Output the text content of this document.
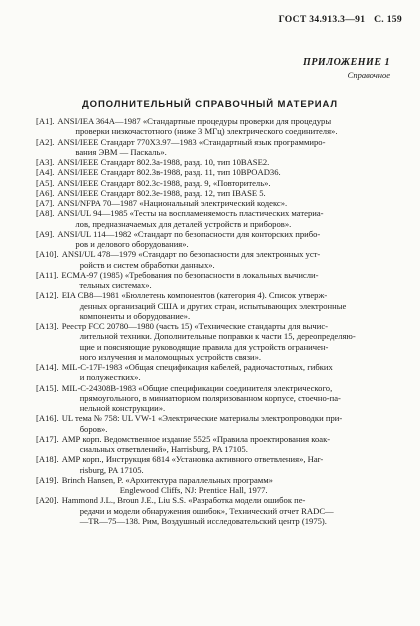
ГОСТ 34.913.3—91 С. 159
ПРИЛОЖЕНИЕ 1
Справочное
ДОПОЛНИТЕЛЬНЫЙ СПРАВОЧНЫЙ МАТЕРИАЛ
[A1]. ANSI/IEA 364А—1987 «Стандартные процедуры проверки для процедуры
проверки низкочастотного (ниже 3 МГц) электрического соединителя».
[A2]. ANSI/IEEE Стандарт 770X3.97—1983 «Стандартный язык программиро-
вания ЭВМ — Паскаль».
[A3]. ANSI/IEEE Стандарт 802.3а-1988, разд. 10, тип 10BASE2.
[A4]. ANSI/IEEE Стандарт 802.3в-1988, разд. 11, тип 10BPOAD36.
[A5]. ANSI/IEEE Стандарт 802.3с-1988, разд. 9, «Повторитель».
[A6]. ANSI/IEEE Стандарт 802.3е-1988, разд. 12, тип IBASE 5.
[A7]. ANSI/NFPA 70—1987 «Национальный электрический кодекс».
[A8]. ANSI/UL 94—1985 «Тесты на воспламеняемость пластических материа-
лов, предназначаемых для деталей устройств и приборов».
[A9]. ANSI/UL 114—1982 «Стандарт по безопасности для конторских прибо-
ров и делового оборудования».
[A10]. ANSI/UL 478—1979 «Стандарт по безопасности для электронных уст-
ройств и систем обработки данных».
[A11]. ЕСМА-97 (1985) «Требования по безопасности в локальных вычисли-
тельных системах».
[A12]. EIA СВ8—1981 «Бюллетень компонентов (категория 4). Список утверж-
денных организаций США и других стран, испытывающих электронные
компоненты и оборудование».
[A13]. Реестр FCC 20780—1980 (часть 15) «Технические стандарты для вычис-
лительной техники. Дополнительные поправки к части 15, дереопределяю-
щие и поясняющие руководящие правила для устройств ограничен-
ного излучения и маломощных устройств связи».
[A14]. MIL-C-17F-1983 «Общая спецификация кабелей, радиочастотных, гибких
и полужестких».
[A15]. MIL-C-24308B-1983 «Общие спецификации соединителя электрического,
прямоугольного, в миниатюрном поляризованном корпусе, стоечно-па-
нельной конструкции».
[A16]. UL тема № 758: UL VW-1 «Электрические материалы электропроводки при-
боров».
[A17]. АМР корп. Ведомственное издание 5525 «Правила проектирования коак-
сиальных ответвлений», Harrisburg, PA 17105.
[A18]. АМР корп., Инструкция 6814 «Установка активного ответвления», Har-
risburg, PA 17105.
[A19]. Brinch Hansen, P. «Архитектура параллельных программ»
Englewood Cliffs, NJ: Prentice Hall, 1977.
[A20]. Hammond J.L., Broun J.E., Liu S.S. «Разработка модели ошибок пе-
редачи и модели обнаружения ошибок», Технический отчет RADC—
—TR—75—138. Рим, Воздушный исследовательский центр (1975).
